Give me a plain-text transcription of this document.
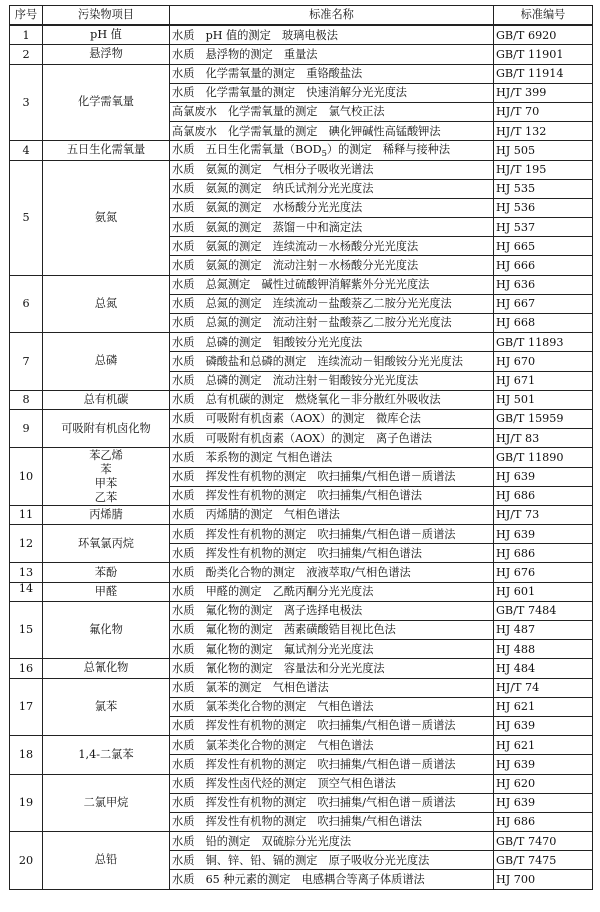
序号	污染物项目	标准名称	标准编号
1	pH 值	水质　pH 值的测定　玻璃电极法	GB/T 6920
2	悬浮物	水质　悬浮物的测定　重量法	GB/T 11901
3	化学需氧量	水质　化学需氧量的测定　重铬酸盐法	GB/T 11914
		水质　化学需氧量的测定　快速消解分光光度法	HJ/T 399
		高氯废水　化学需氧量的测定　氯气校正法	HJ/T 70
		高氯废水　化学需氧量的测定　碘化钾碱性高锰酸钾法	HJ/T 132
4	五日生化需氧量	水质　五日生化需氧量$(BOD_5)$的测定　稀释与接种法	HJ 505
5	氨氮	水质　氨氮的测定　气相分子吸收光谱法	HJ/T 195
		水质　氨氮的测定　纳氏试剂分光光度法	HJ 535
		水质　氨氮的测定　水杨酸分光光度法	HJ 536
		水质　氨氮的测定　蒸馏－中和滴定法	HJ 537
		水质　氨氮的测定　连续流动－水杨酸分光光度法	HJ 665
		水质　氨氮的测定　流动注射－水杨酸分光光度法	HJ 666
6	总氮	水质　总氮测定　碱性过硫酸钾消解紫外分光光度法	HJ 636
		水质　总氮的测定　连续流动－盐酸萘乙二胺分光光度法	HJ 667
		水质　总氮的测定　流动注射－盐酸萘乙二胺分光光度法	HJ 668
7	总磷	水质　总磷的测定　钼酸铵分光光度法	GB/T 11893
		水质　磷酸盐和总磷的测定　连续流动－钼酸铵分光光度法	HJ 670
		水质　总磷的测定　流动注射－钼酸铵分光光度法	HJ 671
8	总有机碳	水质　总有机碳的测定　燃烧氧化－非分散红外吸收法	HJ 501
9	可吸附有机卤化物	水质　可吸附有机卤素（AOX）的测定　微库仑法	GB/T 15959
		水质　可吸附有机卤素（AOX）的测定　离子色谱法	HJ/T 83
10	苯乙烯
苯
甲苯
乙苯	水质　苯系物的测定 气相色谱法	GB/T 11890
		水质　挥发性有机物的测定　吹扫捕集/气相色谱－质谱法	HJ 639
		水质　挥发性有机物的测定　吹扫捕集/气相色谱法	HJ 686
11	丙烯腈	水质　丙烯腈的测定　气相色谱法	HJ/T 73
12	环氧氯丙烷	水质　挥发性有机物的测定　吹扫捕集/气相色谱－质谱法	HJ 639
		水质　挥发性有机物的测定　吹扫捕集/气相色谱法	HJ 686
13	苯酚	水质　酚类化合物的测定　液液萃取/气相色谱法	HJ 676
14	甲醛	水质　甲醛的测定　乙酰丙酮分光光度法	HJ 601
15	氟化物	水质　氟化物的测定　离子选择电极法	GB/T 7484
		水质　氟化物的测定　茜素磺酸锆目视比色法	HJ 487
		水质　氟化物的测定　氟试剂分光光度法	HJ 488
16	总氰化物	水质　氰化物的测定　容量法和分光光度法	HJ 484
17	氯苯	水质　氯苯的测定　气相色谱法	HJ/T 74
		水质　氯苯类化合物的测定　气相色谱法	HJ 621
		水质　挥发性有机物的测定　吹扫捕集/气相色谱－质谱法	HJ 639
18	1,4-二氯苯	水质　氯苯类化合物的测定　气相色谱法	HJ 621
		水质　挥发性有机物的测定　吹扫捕集/气相色谱－质谱法	HJ 639
19	二氯甲烷	水质　挥发性卤代烃的测定　顶空气相色谱法	HJ 620
		水质　挥发性有机物的测定　吹扫捕集/气相色谱－质谱法	HJ 639
		水质　挥发性有机物的测定　吹扫捕集/气相色谱法	HJ 686
20	总铅	水质　铅的测定　双硫腙分光光度法	GB/T 7470
		水质　铜、锌、铅、镉的测定　原子吸收分光光度法	GB/T 7475
		水质　65 种元素的测定　电感耦合等离子体质谱法	HJ 700
